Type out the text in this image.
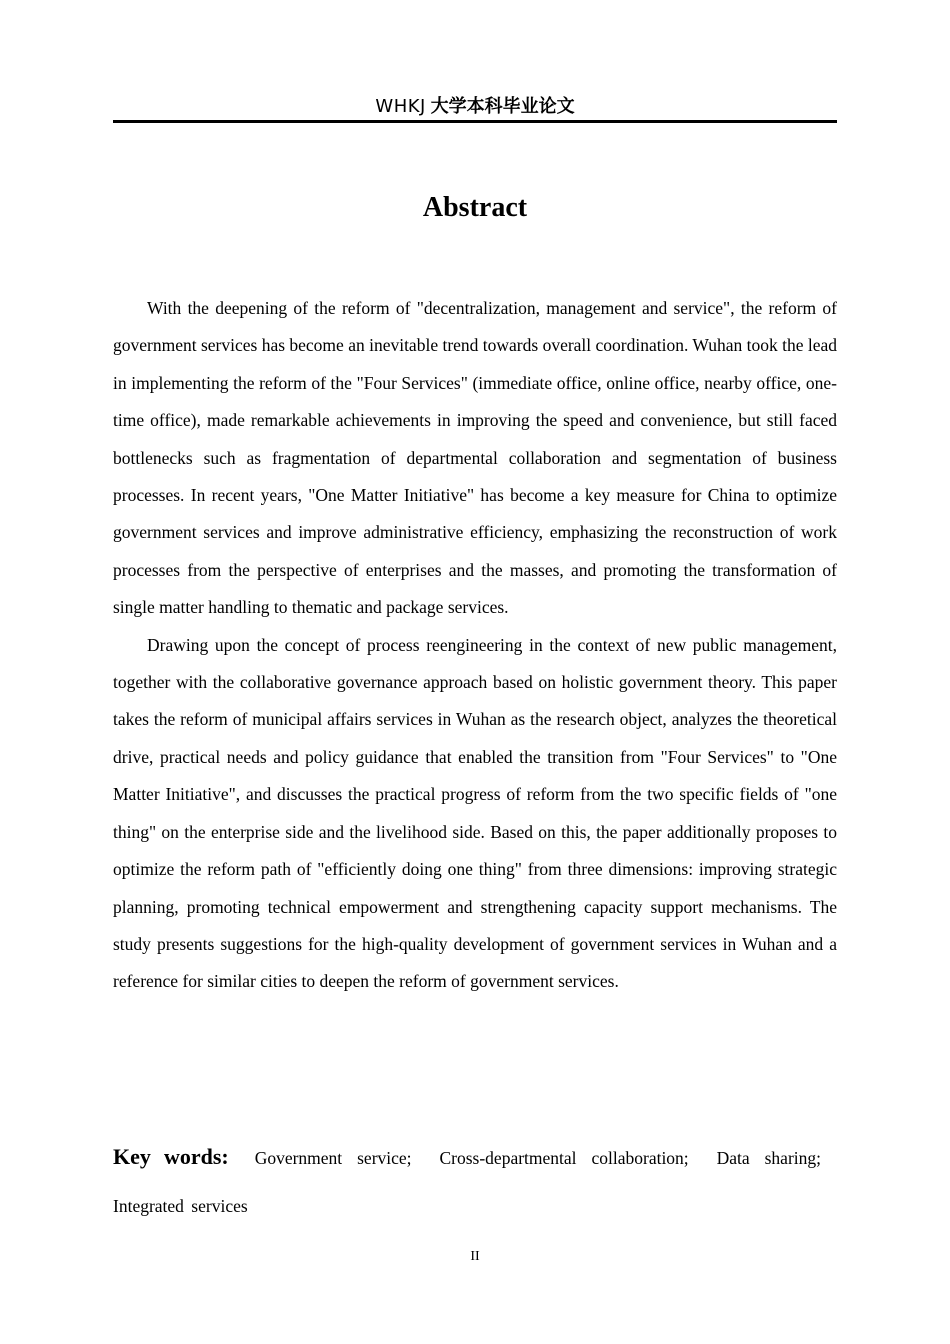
WHKJ 大学本科毕业论文
Abstract

With the deepening of the reform of "decentralization, management and service", the reform of government services has become an inevitable trend towards overall coordination. Wuhan took the lead in implementing the reform of the "Four Services" (immediate office, online office, nearby office, one-time office), made remarkable achievements in improving the speed and convenience, but still faced bottlenecks such as fragmentation of departmental collaboration and segmentation of business processes. In recent years, "One Matter Initiative" has become a key measure for China to optimize government services and improve administrative efficiency, emphasizing the reconstruction of work processes from the perspective of enterprises and the masses, and promoting the transformation of single matter handling to thematic and package services.

Drawing upon the concept of process reengineering in the context of new public management, together with the collaborative governance approach based on holistic government theory. This paper takes the reform of municipal affairs services in Wuhan as the research object, analyzes the theoretical drive, practical needs and policy guidance that enabled the transition from "Four Services" to "One Matter Initiative", and discusses the practical progress of reform from the two specific fields of "one thing" on the enterprise side and the livelihood side. Based on this, the paper additionally proposes to optimize the reform path of "efficiently doing one thing" from three dimensions: improving strategic planning, promoting technical empowerment and strengthening capacity support mechanisms. The study presents suggestions for the high-quality development of government services in Wuhan and a reference for similar cities to deepen the reform of government services.

Key words: Government service; Cross-departmental collaboration; Data sharing; Integrated services
II
